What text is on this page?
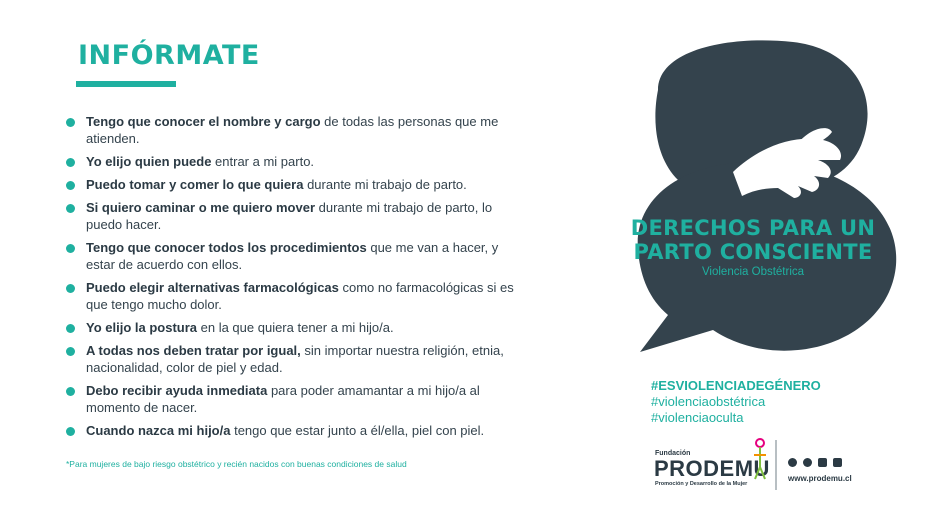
INFÓRMATE
Tengo que conocer el nombre y cargo de todas las personas que me atienden.
Yo elijo quien puede entrar a mi parto.
Puedo tomar y comer lo que quiera durante mi trabajo de parto.
Si quiero caminar o me quiero mover durante mi trabajo de parto, lo puedo hacer.
Tengo que conocer todos los procedimientos que me van a hacer, y estar de acuerdo con ellos.
Puedo elegir alternativas farmacológicas como no farmacológicas si es que tengo mucho dolor.
Yo elijo la postura en la que quiera tener a mi hijo/a.
A todas nos deben tratar por igual, sin importar nuestra religión, etnia, nacionalidad, color de piel y edad.
Debo recibir ayuda inmediata para poder amamantar a mi hijo/a al momento de nacer.
Cuando nazca mi hijo/a tengo que estar junto a él/ella, piel con piel.

*Para mujeres de bajo riesgo obstétrico y recién nacidos con buenas condiciones de salud

DERECHOS PARA UN
PARTO CONSCIENTE

Violencia Obstétrica

#ESVIOLENCIADEGÉNERO
#violenciaobstétrica
#violenciaoculta
Fundación
PRODEMU
Promoción y Desarrollo de la Mujer

www.prodemu.cl
